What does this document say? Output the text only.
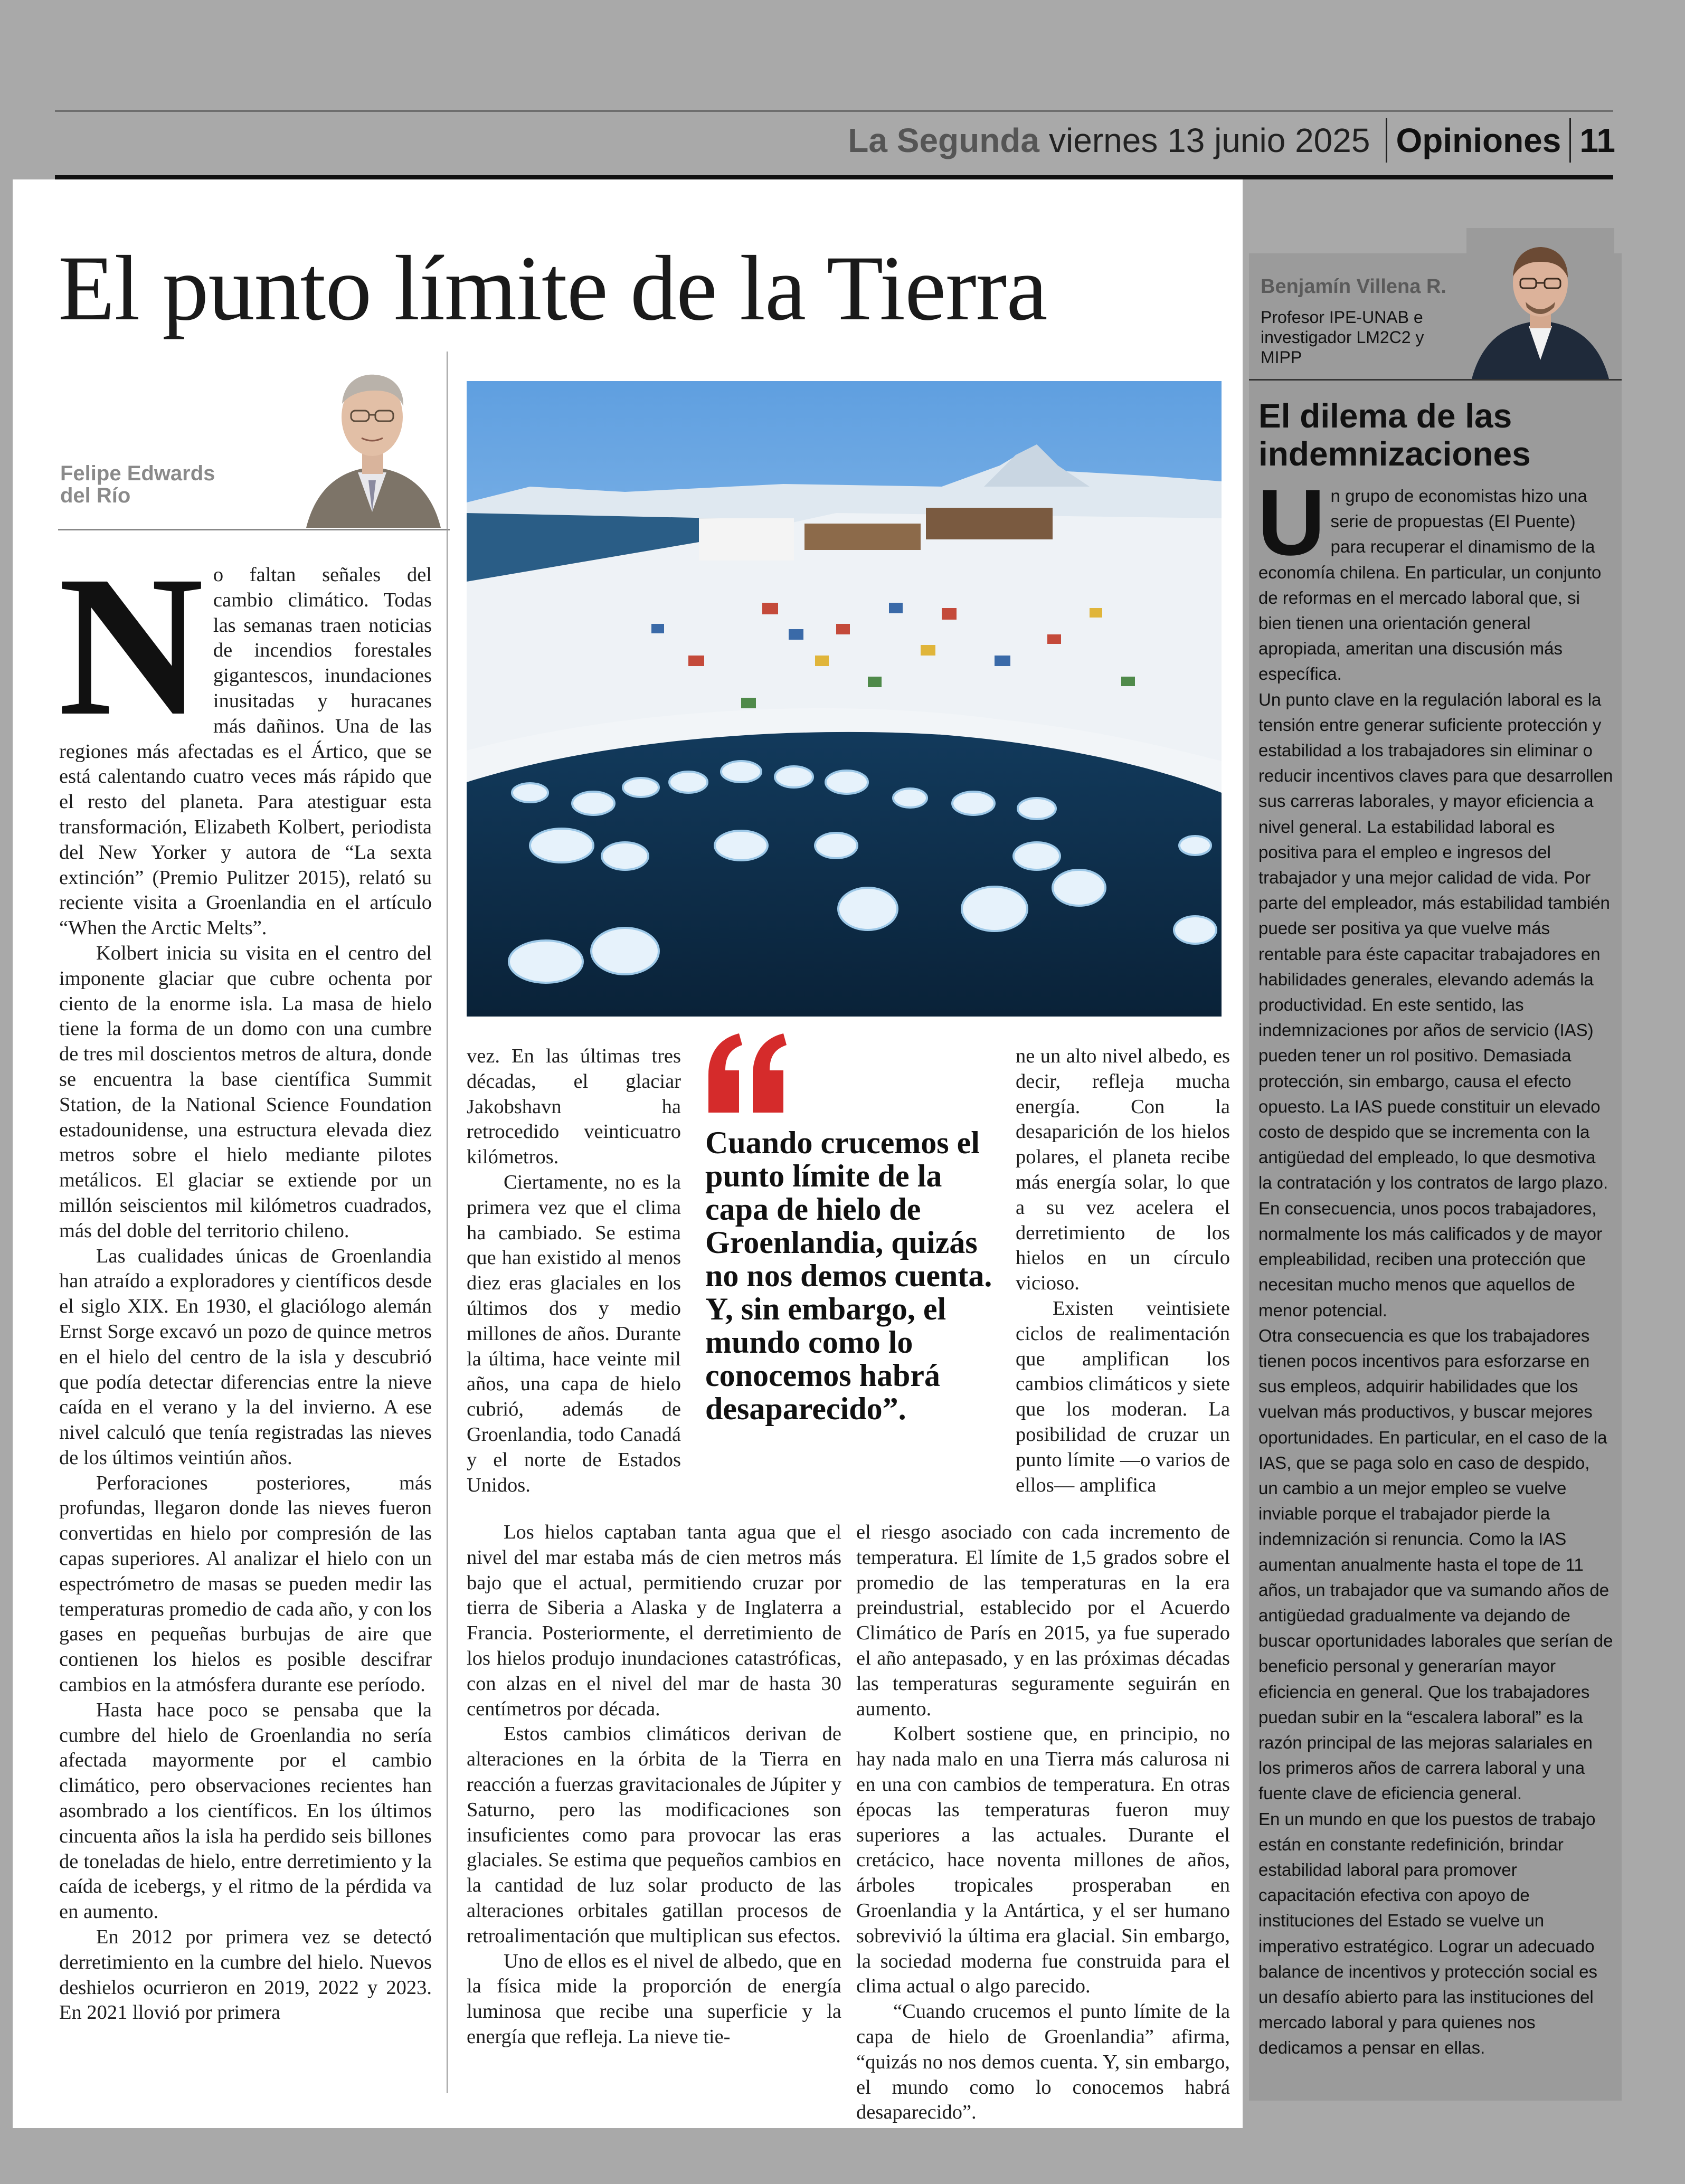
La Segunda viernes 13 junio 2025 Opiniones 11
El punto límite de la Tierra
Felipe Edwards
del Río
N o faltan señales del cambio climático. Todas las semanas traen noticias de incendios forestales gigantescos, inundaciones inusitadas y huracanes más dañinos. Una de las regiones más afectadas es el Ártico, que se está calentando cuatro veces más rápido que el resto del planeta. Para atestiguar esta transformación, Elizabeth Kolbert, periodista del New Yorker y autora de “La sexta extinción” (Premio Pulitzer 2015), relató su reciente visita a Groenlandia en el artículo “When the Arctic Melts”.

Kolbert inicia su visita en el centro del imponente glaciar que cubre ochenta por ciento de la enorme isla. La masa de hielo tiene la forma de un domo con una cumbre de tres mil doscientos metros de altura, donde se encuentra la base científica Summit Station, de la National Science Foundation estadounidense, una estructura elevada diez metros sobre el hielo mediante pilotes metálicos. El glaciar se extiende por un millón seiscientos mil kilómetros cuadrados, más del doble del territorio chileno.

Las cualidades únicas de Groenlandia han atraído a exploradores y científicos desde el siglo XIX. En 1930, el glaciólogo alemán Ernst Sorge excavó un pozo de quince metros en el hielo del centro de la isla y descubrió que podía detectar diferencias entre la nieve caída en el verano y la del invierno. A ese nivel calculó que tenía registradas las nieves de los últimos veintiún años.

Perforaciones posteriores, más profundas, llegaron donde las nieves fueron convertidas en hielo por compresión de las capas superiores. Al analizar el hielo con un espectrómetro de masas se pueden medir las temperaturas promedio de cada año, y con los gases en pequeñas burbujas de aire que contienen los hielos es posible descifrar cambios en la atmósfera durante ese período.

Hasta hace poco se pensaba que la cumbre del hielo de Groenlandia no sería afectada mayormente por el cambio climático, pero observaciones recientes han asombrado a los científicos. En los últimos cincuenta años la isla ha perdido seis billones de toneladas de hielo, entre derretimiento y la caída de icebergs, y el ritmo de la pérdida va en aumento.

En 2012 por primera vez se detectó derretimiento en la cumbre del hielo. Nuevos deshielos ocurrieron en 2019, 2022 y 2023. En 2021 llovió por primera

vez. En las últimas tres décadas, el glaciar Jakobshavn ha retrocedido veinticuatro kilómetros.

Ciertamente, no es la primera vez que el clima ha cambiado. Se estima que han existido al menos diez eras glaciales en los últimos dos y medio millones de años. Durante la última, hace veinte mil años, una capa de hielo cubrió, además de Groenlandia, todo Canadá y el norte de Estados Unidos.

Cuando crucemos el punto límite de la capa de hielo de Groenlandia, quizás no nos demos cuenta. Y, sin embargo, el mundo como lo conocemos habrá desaparecido”.

ne un alto nivel albedo, es decir, refleja mucha energía. Con la desaparición de los hielos polares, el planeta recibe más energía solar, lo que a su vez acelera el derretimiento de los hielos en un círculo vicioso.

Existen veintisiete ciclos de realimentación que amplifican los cambios climáticos y siete que los moderan. La posibilidad de cruzar un punto límite —o varios de ellos— amplifica

Los hielos captaban tanta agua que el nivel del mar estaba más de cien metros más bajo que el actual, permitiendo cruzar por tierra de Siberia a Alaska y de Inglaterra a Francia. Posteriormente, el derretimiento de los hielos produjo inundaciones catastróficas, con alzas en el nivel del mar de hasta 30 centímetros por década.

Estos cambios climáticos derivan de alteraciones en la órbita de la Tierra en reacción a fuerzas gravitacionales de Júpiter y Saturno, pero las modificaciones son insuficientes como para provocar las eras glaciales. Se estima que pequeños cambios en la cantidad de luz solar producto de las alteraciones orbitales gatillan procesos de retroalimentación que multiplican sus efectos.

Uno de ellos es el nivel de albedo, que en la física mide la proporción de energía luminosa que recibe una superficie y la energía que refleja. La nieve tie-

el riesgo asociado con cada incremento de temperatura. El límite de 1,5 grados sobre el promedio de las temperaturas en la era preindustrial, establecido por el Acuerdo Climático de París en 2015, ya fue superado el año antepasado, y en las próximas décadas las temperaturas seguramente seguirán en aumento.

Kolbert sostiene que, en principio, no hay nada malo en una Tierra más calurosa ni en una con cambios de temperatura. En otras épocas las temperaturas fueron muy superiores a las actuales. Durante el cretácico, hace noventa millones de años, árboles tropicales prosperaban en Groenlandia y la Antártica, y el ser humano sobrevivió la última era glacial. Sin embargo, la sociedad moderna fue construida para el clima actual o algo parecido.

“Cuando crucemos el punto límite de la capa de hielo de Groenlandia” afirma, “quizás no nos demos cuenta. Y, sin embargo, el mundo como lo conocemos habrá desaparecido”.

Benjamín Villena R.
Profesor IPE-UNAB e investigador LM2C2 y MIPP
El dilema de las indemnizaciones
U n grupo de economistas hizo una serie de propuestas (El Puente) para recuperar el dinamismo de la economía chilena. En particular, un conjunto de reformas en el mercado laboral que, si bien tienen una orientación general apropiada, ameritan una discusión más específica.

Un punto clave en la regulación laboral es la tensión entre generar suficiente protección y estabilidad a los trabajadores sin eliminar o reducir incentivos claves para que desarrollen sus carreras laborales, y mayor eficiencia a nivel general. La estabilidad laboral es positiva para el empleo e ingresos del trabajador y una mejor calidad de vida. Por parte del empleador, más estabilidad también puede ser positiva ya que vuelve más rentable para éste capacitar trabajadores en habilidades generales, elevando además la productividad. En este sentido, las indemnizaciones por años de servicio (IAS) pueden tener un rol positivo. Demasiada protección, sin embargo, causa el efecto opuesto. La IAS puede constituir un elevado costo de despido que se incrementa con la antigüedad del empleado, lo que desmotiva la contratación y los contratos de largo plazo. En consecuencia, unos pocos trabajadores, normalmente los más calificados y de mayor empleabilidad, reciben una protección que necesitan mucho menos que aquellos de menor potencial.

Otra consecuencia es que los trabajadores tienen pocos incentivos para esforzarse en sus empleos, adquirir habilidades que los vuelvan más productivos, y buscar mejores oportunidades. En particular, en el caso de la IAS, que se paga solo en caso de despido, un cambio a un mejor empleo se vuelve inviable porque el trabajador pierde la indemnización si renuncia. Como la IAS aumentan anualmente hasta el tope de 11 años, un trabajador que va sumando años de antigüedad gradualmente va dejando de buscar oportunidades laborales que serían de beneficio personal y generarían mayor eficiencia en general. Que los trabajadores puedan subir en la “escalera laboral” es la razón principal de las mejoras salariales en los primeros años de carrera laboral y una fuente clave de eficiencia general.

En un mundo en que los puestos de trabajo están en constante redefinición, brindar estabilidad laboral para promover capacitación efectiva con apoyo de instituciones del Estado se vuelve un imperativo estratégico. Lograr un adecuado balance de incentivos y protección social es un desafío abierto para las instituciones del mercado laboral y para quienes nos dedicamos a pensar en ellas.
